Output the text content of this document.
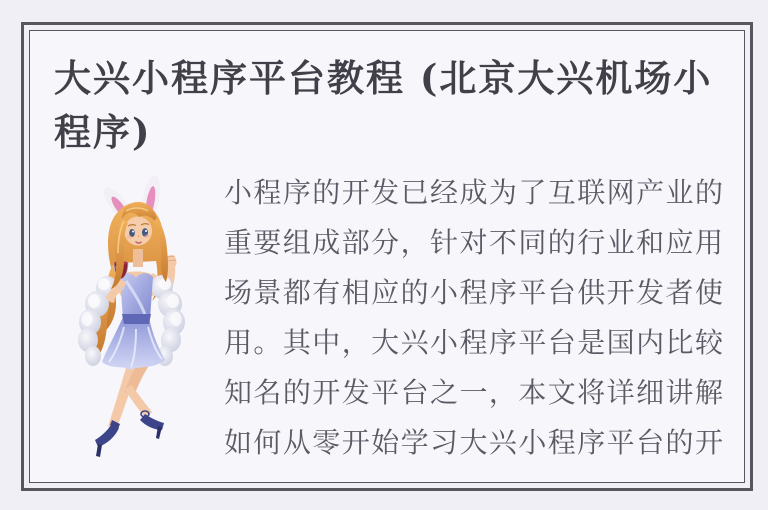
大兴小程序平台教程 (北京大兴机场小程序)

小程序的开发已经成为了互联网产业的重要组成部分，针对不同的行业和应用场景都有相应的小程序平台供开发者使用。其中，大兴小程序平台是国内比较知名的开发平台之一，本文将详细讲解如何从零开始学习大兴小程序平台的开
